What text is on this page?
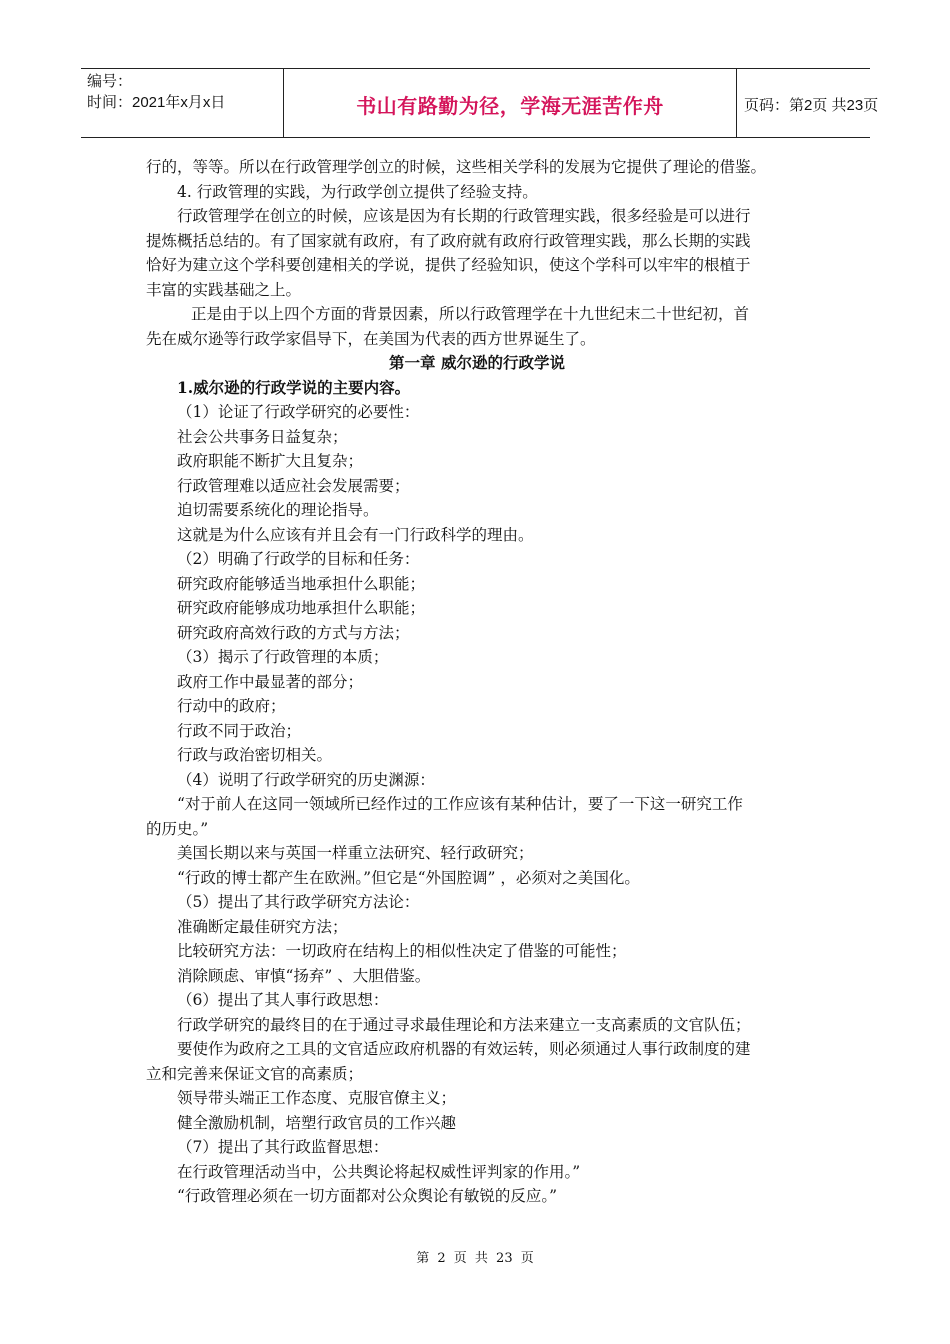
编号：
时间：2021年x月x日	书山有路勤为径，学海无涯苦作舟	页码：第2页 共23页
行的，等等。所以在行政管理学创立的时候，这些相关学科的发展为它提供了理论的借鉴。
4. 行政管理的实践，为行政学创立提供了经验支持。
行政管理学在创立的时候，应该是因为有长期的行政管理实践，很多经验是可以进行
提炼概括总结的。有了国家就有政府，有了政府就有政府行政管理实践，那么长期的实践
恰好为建立这个学科要创建相关的学说，提供了经验知识，使这个学科可以牢牢的根植于
丰富的实践基础之上。
正是由于以上四个方面的背景因素，所以行政管理学在十九世纪末二十世纪初，首
先在威尔逊等行政学家倡导下，在美国为代表的西方世界诞生了。
第一章 威尔逊的行政学说
1.威尔逊的行政学说的主要内容。
（1）论证了行政学研究的必要性：
社会公共事务日益复杂；
政府职能不断扩大且复杂；
行政管理难以适应社会发展需要；
迫切需要系统化的理论指导。
这就是为什么应该有并且会有一门行政科学的理由。
（2）明确了行政学的目标和任务：
研究政府能够适当地承担什么职能；
研究政府能够成功地承担什么职能；
研究政府高效行政的方式与方法；
（3）揭示了行政管理的本质；
政府工作中最显著的部分；
行动中的政府；
行政不同于政治；
行政与政治密切相关。
（4）说明了行政学研究的历史渊源：
“对于前人在这同一领域所已经作过的工作应该有某种估计，要了一下这一研究工作
的历史。”
美国长期以来与英国一样重立法研究、轻行政研究；
“行政的博士都产生在欧洲。”但它是“外国腔调” ，必须对之美国化。
（5）提出了其行政学研究方法论：
准确断定最佳研究方法；
比较研究方法：一切政府在结构上的相似性决定了借鉴的可能性；
消除顾虑、审慎“扬弃” 、大胆借鉴。
（6）提出了其人事行政思想：
行政学研究的最终目的在于通过寻求最佳理论和方法来建立一支高素质的文官队伍；
要使作为政府之工具的文官适应政府机器的有效运转，则必须通过人事行政制度的建
立和完善来保证文官的高素质；
领导带头端正工作态度、克服官僚主义；
健全激励机制，培塑行政官员的工作兴趣
（7）提出了其行政监督思想：
在行政管理活动当中，公共舆论将起权威性评判家的作用。”
“行政管理必须在一切方面都对公众舆论有敏锐的反应。”
第 2 页 共 23 页
